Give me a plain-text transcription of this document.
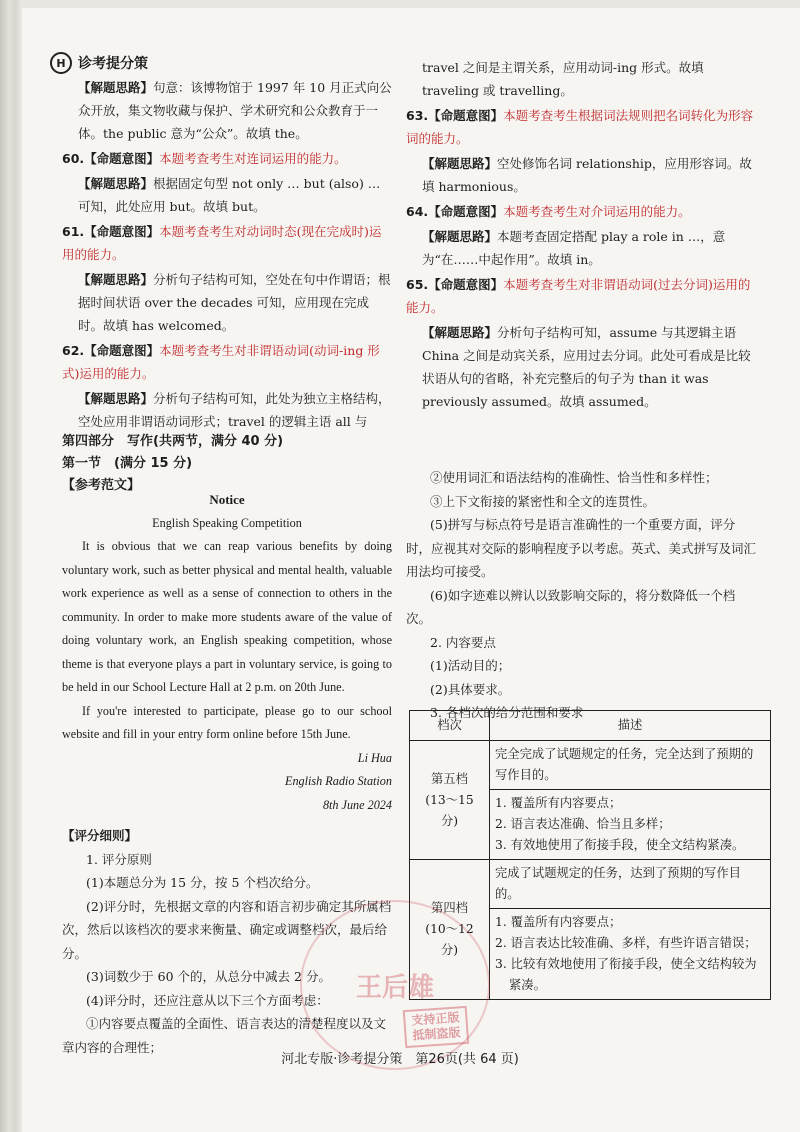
H 诊考提分策
【解题思路】句意：该博物馆于 1997 年 10 月正式向公众开放，集文物收藏与保护、学术研究和公众教育于一体。the public 意为“公众”。故填 the。
60.【命题意图】本题考查考生对连词运用的能力。
【解题思路】根据固定句型 not only … but (also) … 可知，此处应用 but。故填 but。
61.【命题意图】本题考查考生对动词时态(现在完成时)运用的能力。
【解题思路】分析句子结构可知，空处在句中作谓语；根据时间状语 over the decades 可知，应用现在完成时。故填 has welcomed。
62.【命题意图】本题考查考生对非谓语动词(动词-ing 形式)运用的能力。
【解题思路】分析句子结构可知，此处为独立主格结构，空处应用非谓语动词形式；travel 的逻辑主语 all 与
travel 之间是主谓关系，应用动词-ing 形式。故填 traveling 或 travelling。
63.【命题意图】本题考查考生根据词法规则把名词转化为形容词的能力。
【解题思路】空处修饰名词 relationship，应用形容词。故填 harmonious。
64.【命题意图】本题考查考生对介词运用的能力。
【解题思路】本题考查固定搭配 play a role in …，意为“在……中起作用”。故填 in。
65.【命题意图】本题考查考生对非谓语动词(过去分词)运用的能力。
【解题思路】分析句子结构可知，assume 与其逻辑主语 China 之间是动宾关系，应用过去分词。此处可看成是比较状语从句的省略，补充完整后的句子为 than it was previously assumed。故填 assumed。
第四部分　写作(共两节，满分 40 分)
第一节　(满分 15 分)
【参考范文】
Notice
English Speaking Competition

It is obvious that we can reap various benefits by doing voluntary work, such as better physical and mental health, valuable work experience as well as a sense of connection to others in the community. In order to make more students aware of the value of doing voluntary work, an English speaking competition, whose theme is that everyone plays a part in voluntary service, is going to be held in our School Lecture Hall at 2 p.m. on 20th June.

If you're interested to participate, please go to our school website and fill in your entry form online before 15th June.

Li Hua
English Radio Station
8th June 2024
【评分细则】
1. 评分原则
(1)本题总分为 15 分，按 5 个档次给分。
(2)评分时，先根据文章的内容和语言初步确定其所属档次，然后以该档次的要求来衡量、确定或调整档次，最后给分。
(3)词数少于 60 个的，从总分中减去 2 分。
(4)评分时，还应注意从以下三个方面考虑：
①内容要点覆盖的全面性、语言表达的清楚程度以及文章内容的合理性；
②使用词汇和语法结构的准确性、恰当性和多样性；
③上下文衔接的紧密性和全文的连贯性。
(5)拼写与标点符号是语言准确性的一个重要方面，评分时，应视其对交际的影响程度予以考虑。英式、美式拼写及词汇用法均可接受。
(6)如字迹难以辨认以致影响交际的，将分数降低一个档次。
2. 内容要点
(1)活动目的；
(2)具体要求。
3. 各档次的给分范围和要求
档次	描述

第五档
(13～15 分)	完全完成了试题规定的任务，完全达到了预期的写作目的。

	1. 覆盖所有内容要点；
2. 语言表达准确、恰当且多样；
3. 有效地使用了衔接手段，使全文结构紧凑。

第四档
(10～12 分)	完成了试题规定的任务，达到了预期的写作目的。

	1. 覆盖所有内容要点；
2. 语言表达比较准确、多样，有些许语言错误；
3. 比较有效地使用了衔接手段，使全文结构较为紧凑。
王后雄
支持正版
抵制盗版
河北专版·诊考提分策　第26页(共 64 页)
